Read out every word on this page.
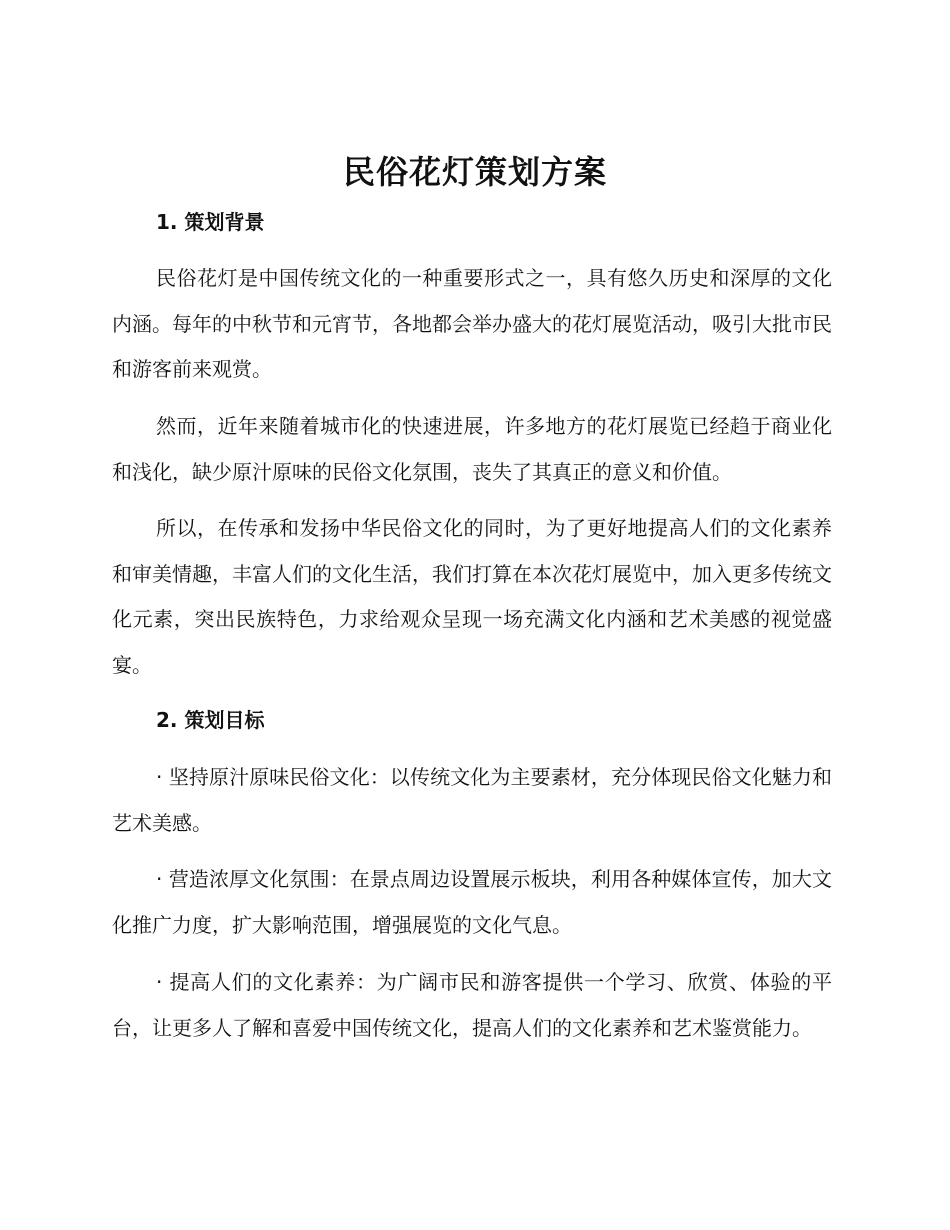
民俗花灯策划方案
1. 策划背景

民俗花灯是中国传统文化的一种重要形式之一，具有悠久历史和深厚的文化内涵。每年的中秋节和元宵节，各地都会举办盛大的花灯展览活动，吸引大批市民和游客前来观赏。

然而，近年来随着城市化的快速进展，许多地方的花灯展览已经趋于商业化和浅化，缺少原汁原味的民俗文化氛围，丧失了其真正的意义和价值。

所以，在传承和发扬中华民俗文化的同时，为了更好地提高人们的文化素养和审美情趣，丰富人们的文化生活，我们打算在本次花灯展览中，加入更多传统文化元素，突出民族特色，力求给观众呈现一场充满文化内涵和艺术美感的视觉盛宴。

2. 策划目标

· 坚持原汁原味民俗文化：以传统文化为主要素材，充分体现民俗文化魅力和艺术美感。

· 营造浓厚文化氛围：在景点周边设置展示板块，利用各种媒体宣传，加大文化推广力度，扩大影响范围，增强展览的文化气息。

· 提高人们的文化素养：为广阔市民和游客提供一个学习、欣赏、体验的平台，让更多人了解和喜爱中国传统文化，提高人们的文化素养和艺术鉴赏能力。
